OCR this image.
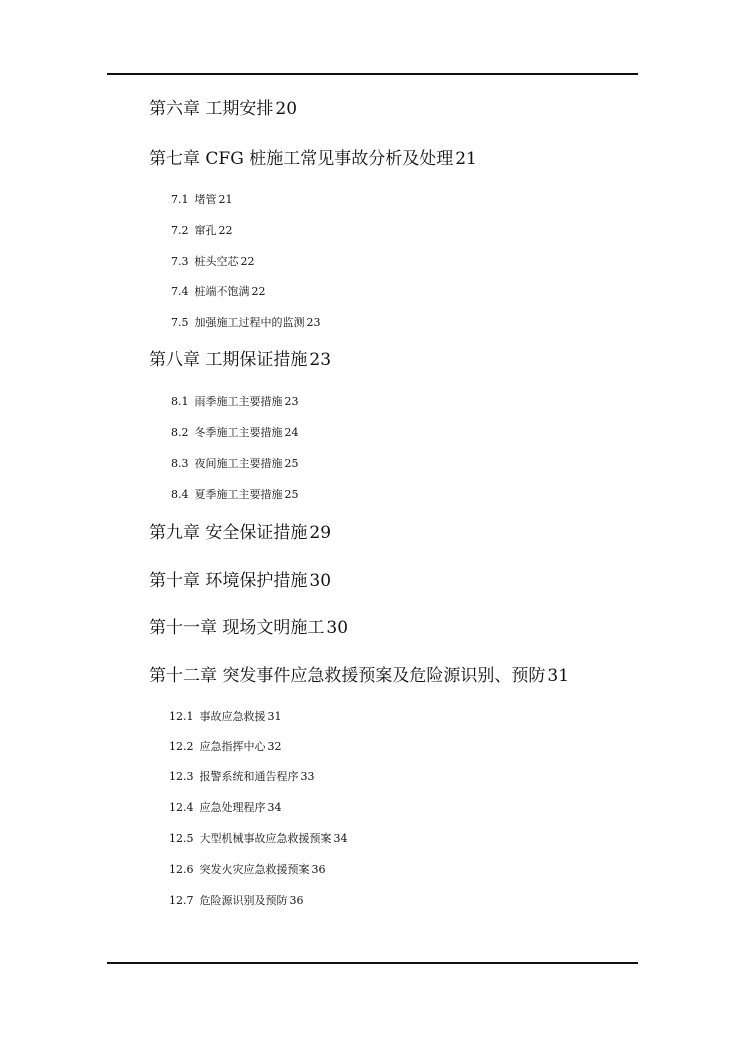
第六章 工期安排 20
第七章 CFG 桩施工常见事故分析及处理 21
7.1 堵管 21
7.2 窜孔 22
7.3 桩头空芯 22
7.4 桩端不饱满 22
7.5 加强施工过程中的监测 23
第八章 工期保证措施 23
8.1 雨季施工主要措施 23
8.2 冬季施工主要措施 24
8.3 夜间施工主要措施 25
8.4 夏季施工主要措施 25
第九章 安全保证措施 29
第十章 环境保护措施 30
第十一章 现场文明施工 30
第十二章 突发事件应急救援预案及危险源识别、预防 31
12.1 事故应急救援 31
12.2 应急指挥中心 32
12.3 报警系统和通告程序 33
12.4 应急处理程序 34
12.5 大型机械事故应急救援预案 34
12.6 突发火灾应急救援预案 36
12.7 危险源识别及预防 36
